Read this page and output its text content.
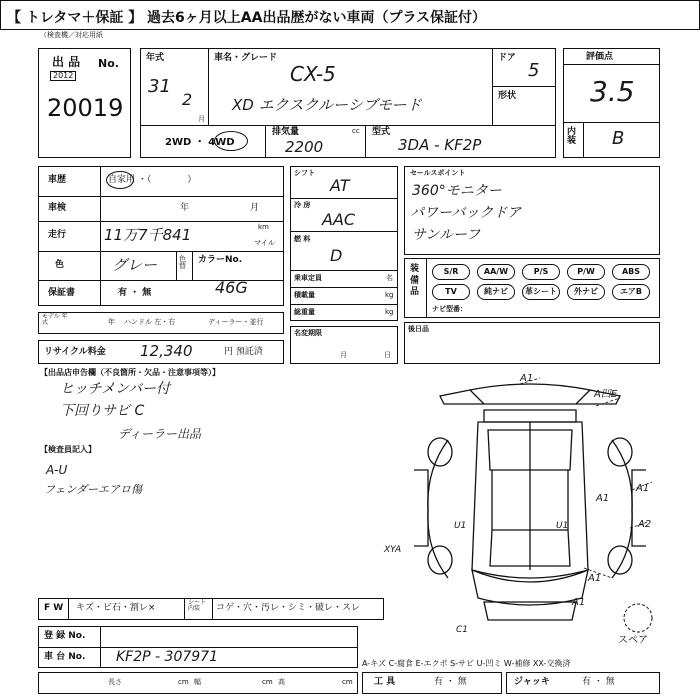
【 トレタマ＋保証 】 過去6ヶ月以上AA出品歴がない車両（プラス保証付）
（検査機／対応用紙
出 品 No.
2012
20019
年式
31
2
月
車名・グレード
CX-5
XD エクスクルーシブモード
ドア
5
形状
2WD ・ 4WD
排気量	cc
2200
型式
3DA - KF2P
評価点
3.5
内 装 B
車歴	自家用 ・（　　　　）
車検	年	月
走行	11万7千841	km
マイル
色	グレー	色 替
カラーNo.
46G
保証書	有 ・ 無
モデル 年 式	年 ハンドル 左・右	ディーラー・並行
リサイクル料金 12,340	円 預託済
シフト
AT
冷 房
AAC
燃 料
D
乗車定員	名
積載量	kg
総重量	kg
名変期限
月	日
セールスポイント
360°モニター
パワーバックドア
サンルーフ
装 備 品
ナビ型番：
後日品
【出品店申告欄（不良箇所・欠品・注意事項等）】
ヒッチメンバー付
下回りサビ C
ディーラー出品
【検査員記入】
A-U
フェンダーエアロ傷
A1
A凹E
A1
A2
A1
U1	U1
XYA
A1
A1
C1
スペア
F W キズ・ビ石・割レ×
シート 内装	コゲ・穴・汚レ・シミ・破レ・スレ
登 録 No.
車 台 No. KF2P - 307971	A-キズ C-腐食 E-エクボ S-サビ U-凹ミ W-補修 XX-交換済
長さ	cm 幅	cm 高	cm 工 具	有 ・ 無	ジャッキ	有 ・ 無
S/R	AA/W	P/S	P/W	ABS
TV	純ナビ	革シート	外ナビ	エアB
